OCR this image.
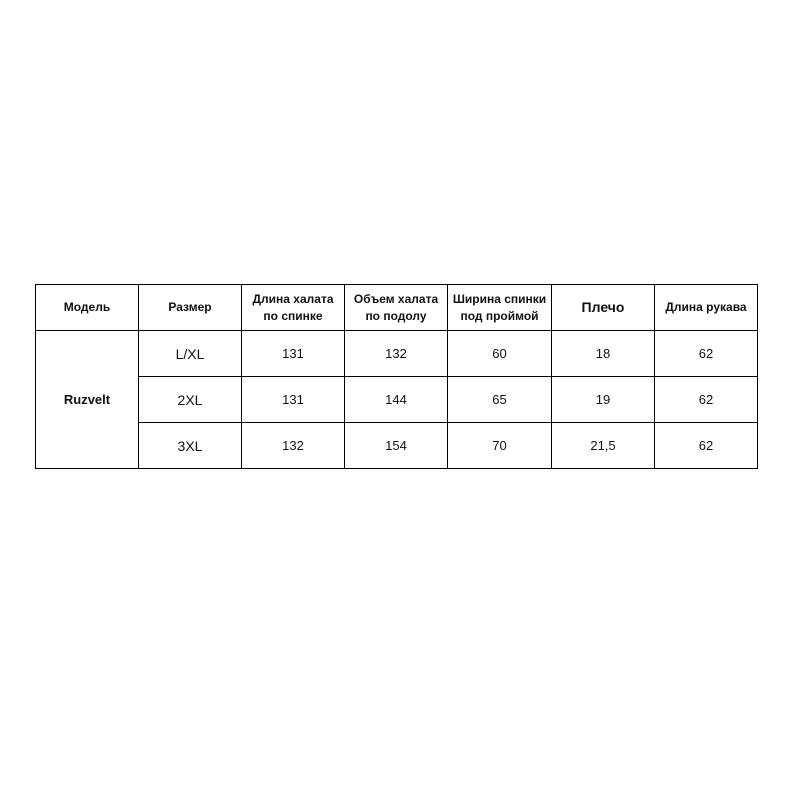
Модель	Размер	Длина халата по спинке	Объем халата по подолу	Ширина спинки под проймой	Плечо	Длина рукава
Ruzvelt	L/XL	131	132	60	18	62
	2XL	131	144	65	19	62
	3XL	132	154	70	21,5	62
